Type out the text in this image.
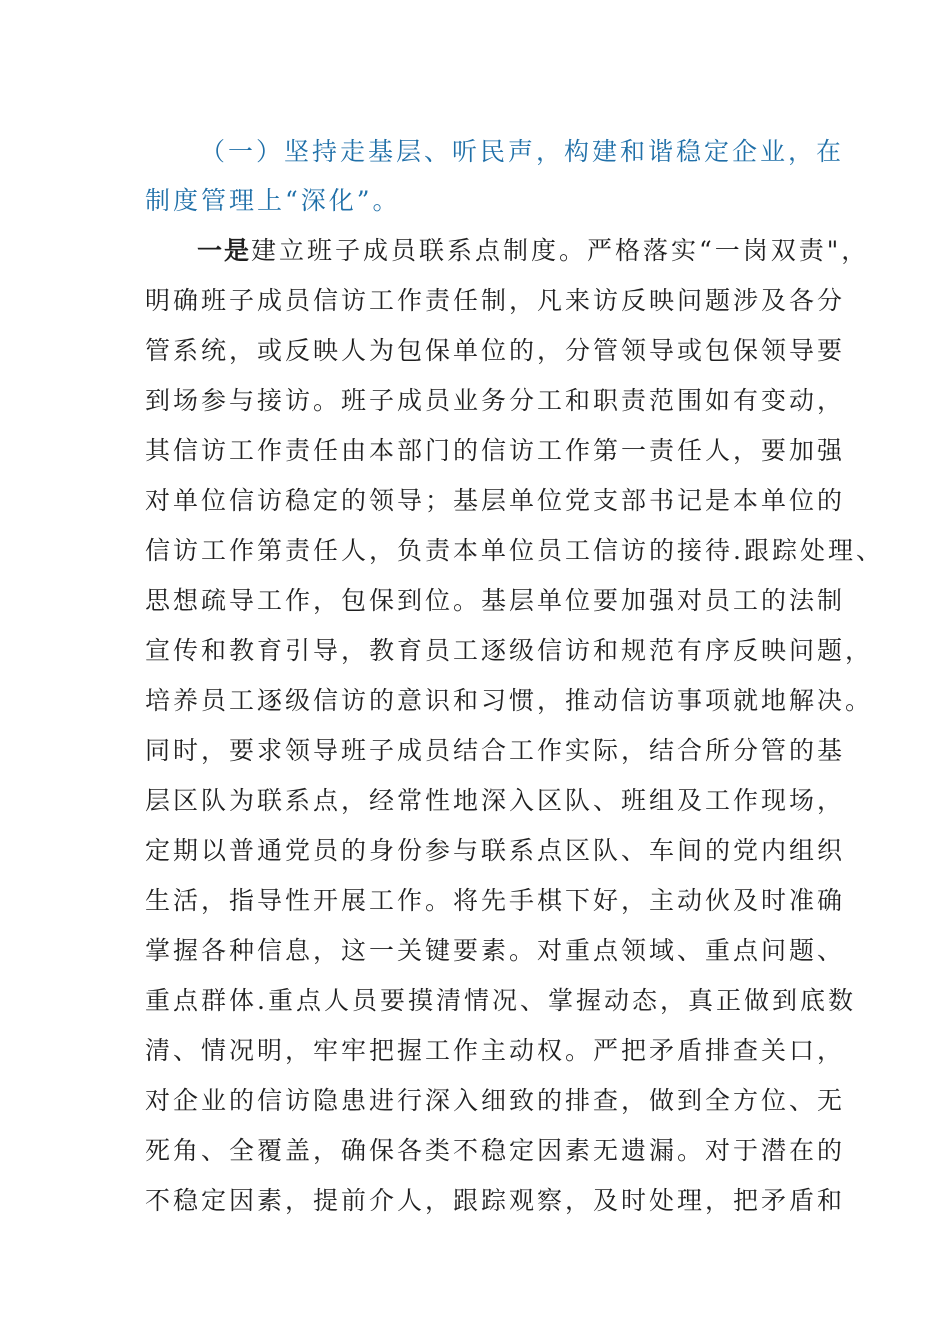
（一）坚持走基层、听民声，构建和谐稳定企业，在
制度管理上“深化”。
一是建立班子成员联系点制度。严格落实“一岗双责"，
明确班子成员信访工作责任制，凡来访反映问题涉及各分
管系统，或反映人为包保单位的，分管领导或包保领导要
到场参与接访。班子成员业务分工和职责范围如有变动，
其信访工作责任由本部门的信访工作第一责任人，要加强
对单位信访稳定的领导；基层单位党支部书记是本单位的
信访工作第责任人，负责本单位员工信访的接待.跟踪处理、
思想疏导工作，包保到位。基层单位要加强对员工的法制
宣传和教育引导，教育员工逐级信访和规范有序反映问题，
培养员工逐级信访的意识和习惯，推动信访事项就地解决。
同时，要求领导班子成员结合工作实际，结合所分管的基
层区队为联系点，经常性地深入区队、班组及工作现场，
定期以普通党员的身份参与联系点区队、车间的党内组织
生活，指导性开展工作。将先手棋下好，主动伙及时准确
掌握各种信息，这一关键要素。对重点领域、重点问题、
重点群体.重点人员要摸清情况、掌握动态，真正做到底数
清、情况明，牢牢把握工作主动权。严把矛盾排查关口，
对企业的信访隐患进行深入细致的排查，做到全方位、无
死角、全覆盖，确保各类不稳定因素无遗漏。对于潜在的
不稳定因素，提前介人，跟踪观察，及时处理，把矛盾和
